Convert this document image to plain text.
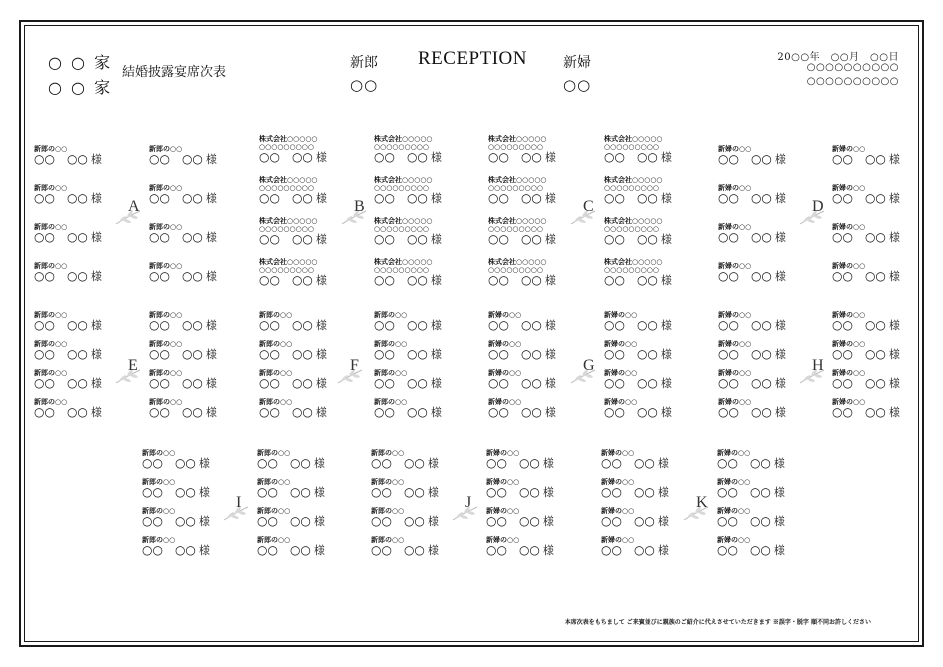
○ ○ 家
○ ○ 家
結婚披露宴席次表
新郎
○○
RECEPTION	新婦
○○
20○○年　○○月　○○日
○○○○○○○○○○
○○○○○○○○○○
新郎の○○
○○　○○ 様
新郎の○○
○○　○○ 様
新郎の○○
○○　○○ 様
新郎の○○
○○　○○ 様
新郎の○○
○○　○○ 様
新郎の○○
○○　○○ 様
新郎の○○
○○　○○ 様
新郎の○○
○○　○○ 様
A
株式会社○○○○○
○○○○○○○○○
○○　○○ 様
株式会社○○○○○
○○○○○○○○○
○○　○○ 様
株式会社○○○○○
○○○○○○○○○
○○　○○ 様
株式会社○○○○○
○○○○○○○○○
○○　○○ 様
株式会社○○○○○
○○○○○○○○○
○○　○○ 様
株式会社○○○○○
○○○○○○○○○
○○　○○ 様
株式会社○○○○○
○○○○○○○○○
○○　○○ 様
株式会社○○○○○
○○○○○○○○○
○○　○○ 様
B
株式会社○○○○○
○○○○○○○○○
○○　○○ 様
株式会社○○○○○
○○○○○○○○○
○○　○○ 様
株式会社○○○○○
○○○○○○○○○
○○　○○ 様
株式会社○○○○○
○○○○○○○○○
○○　○○ 様
株式会社○○○○○
○○○○○○○○○
○○　○○ 様
株式会社○○○○○
○○○○○○○○○
○○　○○ 様
株式会社○○○○○
○○○○○○○○○
○○　○○ 様
株式会社○○○○○
○○○○○○○○○
○○　○○ 様
C
新婦の○○
○○　○○ 様
新婦の○○
○○　○○ 様
新婦の○○
○○　○○ 様
新婦の○○
○○　○○ 様
新婦の○○
○○　○○ 様
新婦の○○
○○　○○ 様
新婦の○○
○○　○○ 様
新婦の○○
○○　○○ 様
D
新郎の○○
○○　○○ 様
新郎の○○
○○　○○ 様
新郎の○○
○○　○○ 様
新郎の○○
○○　○○ 様
新郎の○○
○○　○○ 様
新郎の○○
○○　○○ 様
新郎の○○
○○　○○ 様
新郎の○○
○○　○○ 様
E
新郎の○○
○○　○○ 様
新郎の○○
○○　○○ 様
新郎の○○
○○　○○ 様
新郎の○○
○○　○○ 様
新郎の○○
○○　○○ 様
新郎の○○
○○　○○ 様
新郎の○○
○○　○○ 様
新郎の○○
○○　○○ 様
F
新婦の○○
○○　○○ 様
新婦の○○
○○　○○ 様
新婦の○○
○○　○○ 様
新婦の○○
○○　○○ 様
新婦の○○
○○　○○ 様
新婦の○○
○○　○○ 様
新婦の○○
○○　○○ 様
新婦の○○
○○　○○ 様
G
新婦の○○
○○　○○ 様
新婦の○○
○○　○○ 様
新婦の○○
○○　○○ 様
新婦の○○
○○　○○ 様
新婦の○○
○○　○○ 様
新婦の○○
○○　○○ 様
新婦の○○
○○　○○ 様
新婦の○○
○○　○○ 様
H
新郎の○○
○○　○○ 様
新郎の○○
○○　○○ 様
新郎の○○
○○　○○ 様
新郎の○○
○○　○○ 様
新郎の○○
○○　○○ 様
新郎の○○
○○　○○ 様
新郎の○○
○○　○○ 様
新郎の○○
○○　○○ 様
I
新郎の○○
○○　○○ 様
新郎の○○
○○　○○ 様
新郎の○○
○○　○○ 様
新郎の○○
○○　○○ 様
新婦の○○
○○　○○ 様
新婦の○○
○○　○○ 様
新婦の○○
○○　○○ 様
新婦の○○
○○　○○ 様
J
新婦の○○
○○　○○ 様
新婦の○○
○○　○○ 様
新婦の○○
○○　○○ 様
新婦の○○
○○　○○ 様
新婦の○○
○○　○○ 様
新婦の○○
○○　○○ 様
新婦の○○
○○　○○ 様
新婦の○○
○○　○○ 様
K
本席次表をもちまして ご来賓並びに親族のご紹介に代えさせていただきます ※誤字・脱字 順不同お許しください
